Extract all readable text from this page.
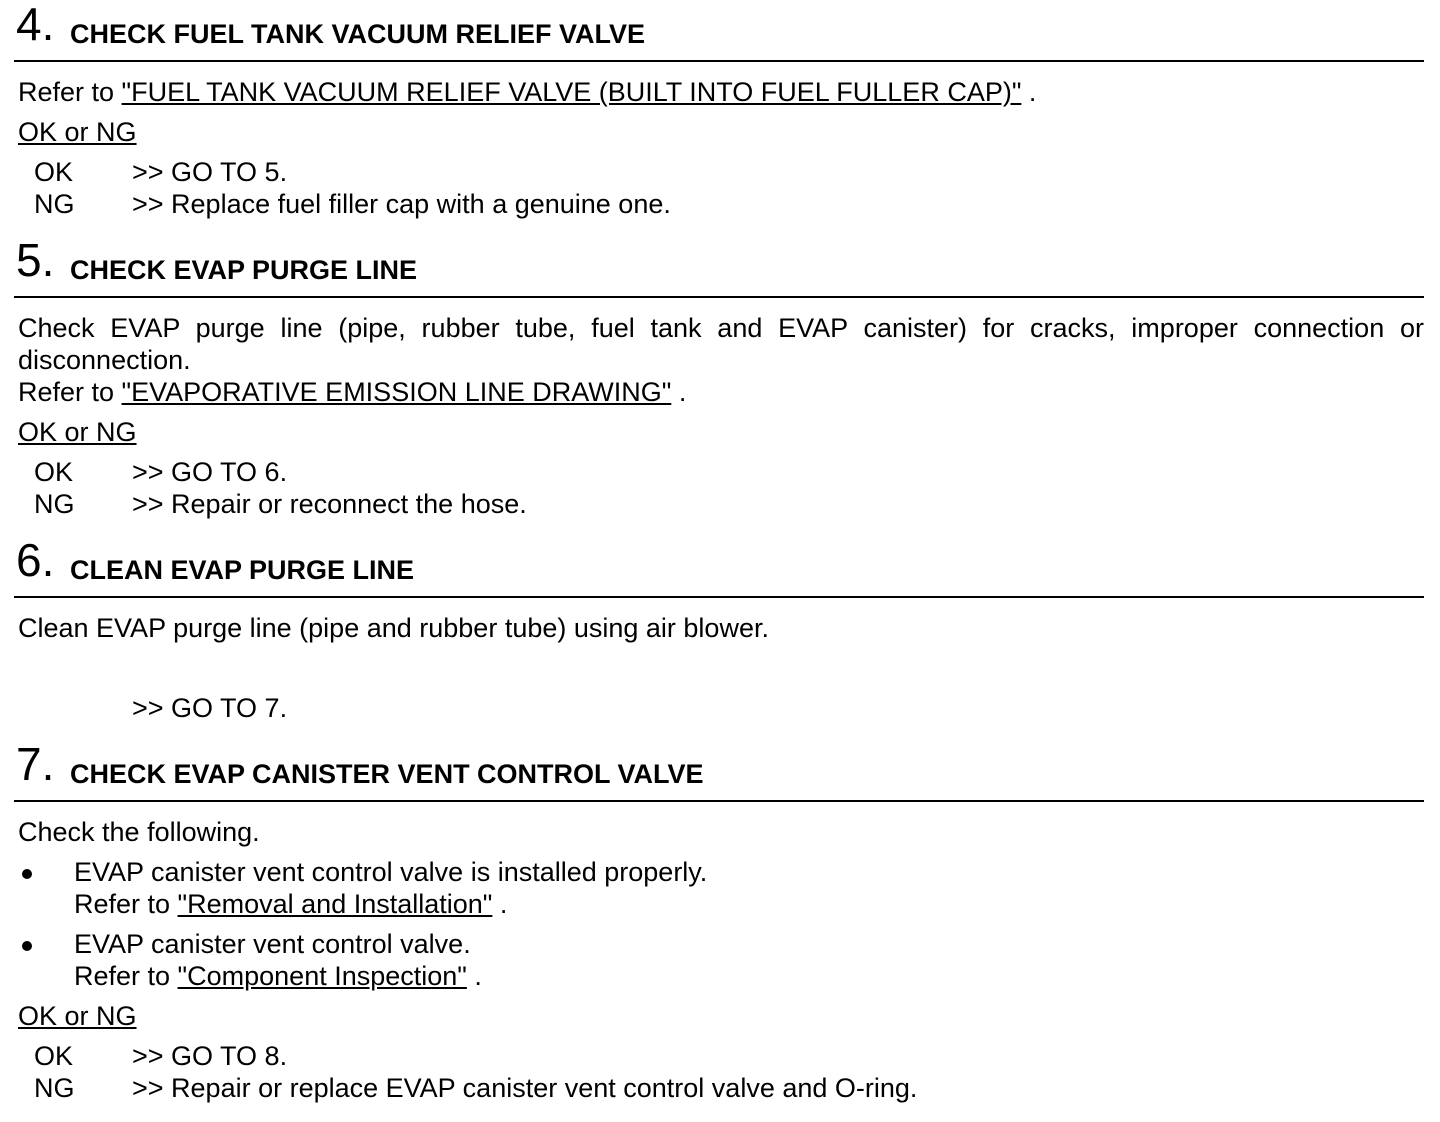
4. CHECK FUEL TANK VACUUM RELIEF VALVE
Refer to "FUEL TANK VACUUM RELIEF VALVE (BUILT INTO FUEL FULLER CAP)" .
OK or NG
OK >> GO TO 5.
NG >> Replace fuel filler cap with a genuine one.
5. CHECK EVAP PURGE LINE
Check EVAP purge line (pipe, rubber tube, fuel tank and EVAP canister) for cracks, improper connection or disconnection.
Refer to "EVAPORATIVE EMISSION LINE DRAWING" .
OK or NG
OK >> GO TO 6.
NG >> Repair or reconnect the hose.
6. CLEAN EVAP PURGE LINE
Clean EVAP purge line (pipe and rubber tube) using air blower.
>> GO TO 7.
7. CHECK EVAP CANISTER VENT CONTROL VALVE
Check the following.
EVAP canister vent control valve is installed properly.
Refer to "Removal and Installation" .
EVAP canister vent control valve.
Refer to "Component Inspection" .
OK or NG
OK >> GO TO 8.
NG >> Repair or replace EVAP canister vent control valve and O-ring.
